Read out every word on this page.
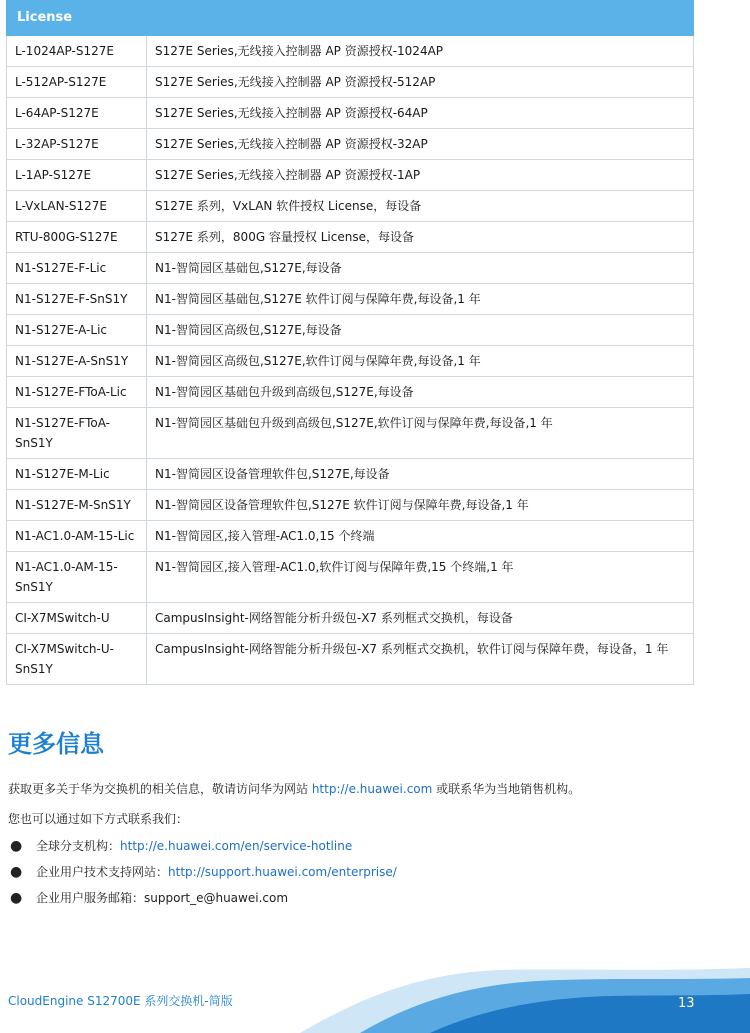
License	
L-1024AP-S127E	S127E Series,无线接入控制器 AP 资源授权-1024AP
L-512AP-S127E	S127E Series,无线接入控制器 AP 资源授权-512AP
L-64AP-S127E	S127E Series,无线接入控制器 AP 资源授权-64AP
L-32AP-S127E	S127E Series,无线接入控制器 AP 资源授权-32AP
L-1AP-S127E	S127E Series,无线接入控制器 AP 资源授权-1AP
L-VxLAN-S127E	S127E 系列，VxLAN 软件授权 License，每设备
RTU-800G-S127E	S127E 系列，800G 容量授权 License，每设备
N1-S127E-F-Lic	N1-智简园区基础包,S127E,每设备
N1-S127E-F-SnS1Y	N1-智简园区基础包,S127E 软件订阅与保障年费,每设备,1 年
N1-S127E-A-Lic	N1-智简园区高级包,S127E,每设备
N1-S127E-A-SnS1Y	N1-智简园区高级包,S127E,软件订阅与保障年费,每设备,1 年
N1-S127E-FToA-Lic	N1-智简园区基础包升级到高级包,S127E,每设备
N1-S127E-FToA-SnS1Y	N1-智简园区基础包升级到高级包,S127E,软件订阅与保障年费,每设备,1 年
N1-S127E-M-Lic	N1-智简园区设备管理软件包,S127E,每设备
N1-S127E-M-SnS1Y	N1-智简园区设备管理软件包,S127E 软件订阅与保障年费,每设备,1 年
N1-AC1.0-AM-15-Lic	N1-智简园区,接入管理-AC1.0,15 个终端
N1-AC1.0-AM-15-SnS1Y	N1-智简园区,接入管理-AC1.0,软件订阅与保障年费,15 个终端,1 年
CI-X7MSwitch-U	CampusInsight-网络智能分析升级包-X7 系列框式交换机，每设备
CI-X7MSwitch-U-SnS1Y	CampusInsight-网络智能分析升级包-X7 系列框式交换机，软件订阅与保障年费，每设备，1 年
更多信息

获取更多关于华为交换机的相关信息，敬请访问华为网站 http://e.huawei.com 或联系华为当地销售机构。

您也可以通过如下方式联系我们：

● 全球分支机构：http://e.huawei.com/en/service-hotline
● 企业用户技术支持网站：http://support.huawei.com/enterprise/
● 企业用户服务邮箱：support_e@huawei.com
CloudEngine S12700E 系列交换机-简版	13
